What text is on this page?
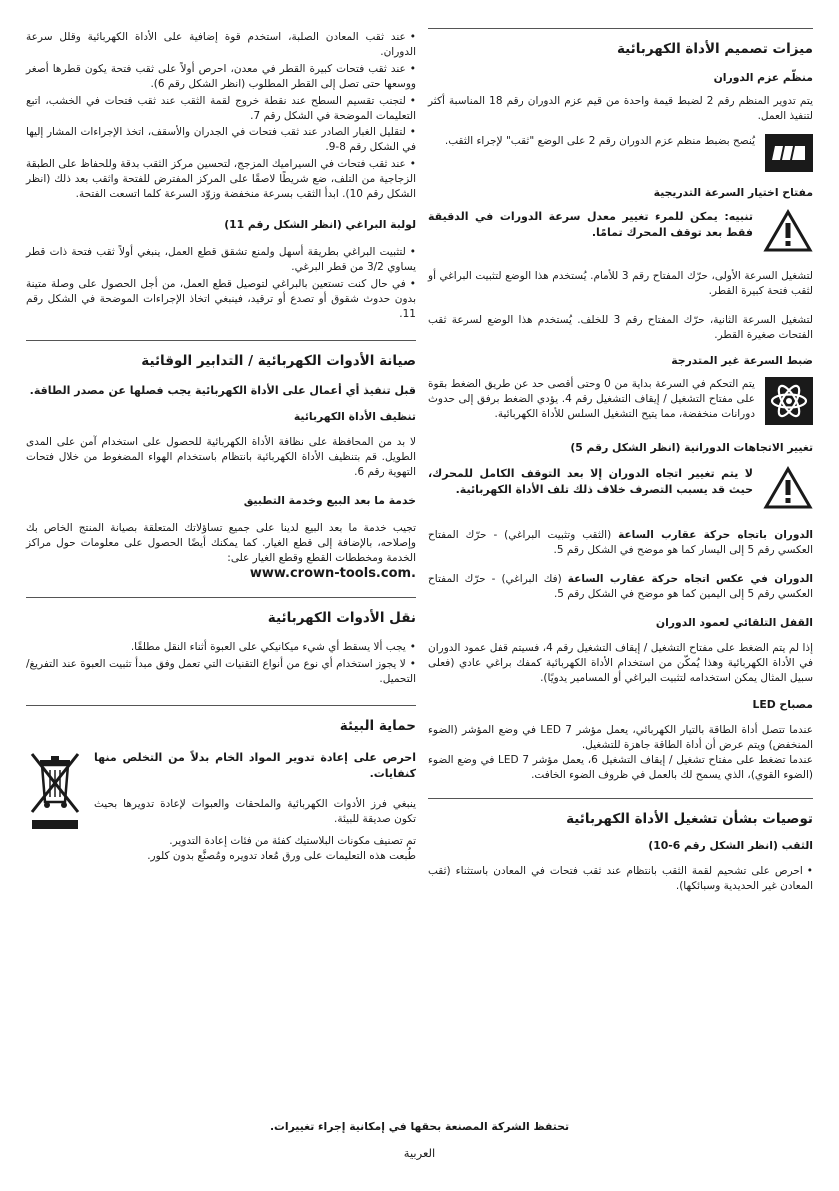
ميزات تصميم الأداة الكهربائية
منظّم عزم الدوران

يتم تدوير المنظم رقم 2 لضبط قيمة واحدة من قيم عزم الدوران رقم 18 المناسبة أكثر لتنفيذ العمل.

يُنصح بضبط منظم عزم الدوران رقم 2 على الوضع "ثقب" لإجراء الثقب.

مفتاح اختيار السرعة التدريجية

تنبيه: يمكن للمرء تغيير معدل سرعة الدورات في الدقيقة فقط بعد توقف المحرك تمامًا.

لتشغيل السرعة الأولى، حرّك المفتاح رقم 3 للأمام. يُستخدم هذا الوضع لتثبيت البراغي أو لثقب فتحة كبيرة القطر.

لتشغيل السرعة الثانية، حرّك المفتاح رقم 3 للخلف. يُستخدم هذا الوضع لسرعة ثقب الفتحات صغيرة القطر.

ضبط السرعة غير المتدرجة

يتم التحكم في السرعة بداية من 0 وحتى أقصى حد عن طريق الضغط بقوة على مفتاح التشغيل / إيقاف التشغيل رقم 4. يؤدي الضغط برفق إلى حدوث دورانات منخفضة، مما يتيح التشغيل السلس للأداة الكهربائية.

تغيير الاتجاهات الدورانية (انظر الشكل رقم 5)

لا يتم تغيير اتجاه الدوران إلا بعد التوقف الكامل للمحرك، حيث قد يسبب التصرف خلاف ذلك تلف الأداة الكهربائية.

الدوران باتجاه حركة عقارب الساعة (الثقب وتثبيت البراغي) - حرّك المفتاح العكسي رقم 5 إلى اليسار كما هو موضح في الشكل رقم 5.

الدوران في عكس اتجاه حركة عقارب الساعة (فك البراغي) - حرّك المفتاح العكسي رقم 5 إلى اليمين كما هو موضح في الشكل رقم 5.

القفل التلقائي لعمود الدوران

إذا لم يتم الضغط على مفتاح التشغيل / إيقاف التشغيل رقم 4، فسيتم قفل عمود الدوران في الأداة الكهربائية وهذا يُمكّن من استخدام الأداة الكهربائية كمفك براغي عادي (فعلى سبيل المثال يمكن استخدامه لتثبيت البراغي أو المسامير يدويًا).

مصباح LED

عندما تتصل أداة الطاقة بالتيار الكهربائي، يعمل مؤشر LED 7 في وضع المؤشر (الضوء المنخفض) ويتم عرض أن أداة الطاقة جاهزة للتشغيل.

عندما تضغط على مفتاح تشغيل / إيقاف التشغيل 6، يعمل مؤشر LED 7 في وضع الضوء (الضوء القوي)، الذي يسمح لك بالعمل في ظروف الضوء الخافت.

توصيات بشأن تشغيل الأداة الكهربائية
الثقب (انظر الشكل رقم 6-10)

•احرص على تشحيم لقمة الثقب بانتظام عند ثقب فتحات في المعادن باستثناء (ثقب المعادن غير الحديدية وسبائكها).

•عند ثقب المعادن الصلبة، استخدم قوة إضافية على الأداة الكهربائية وقلل سرعة الدوران.

•عند ثقب فتحات كبيرة القطر في معدن، احرص أولاً على ثقب فتحة يكون قطرها أصغر ووسعها حتى تصل إلى القطر المطلوب (انظر الشكل رقم 6).

•لتجنب تقسيم السطح عند نقطة خروج لقمة الثقب عند ثقب فتحات في الخشب، اتبع التعليمات الموضحة في الشكل رقم 7.

•لتقليل الغبار الصادر عند ثقب فتحات في الجدران والأسقف، اتخذ الإجراءات المشار إليها في الشكل رقم 8-9.

•عند ثقب فتحات في السيراميك المزجج، لتحسين مركز الثقب بدقة وللحفاظ على الطبقة الزجاجية من التلف، ضع شريطًا لاصقًا على المركز المفترض للفتحة واثقب بعد ذلك (انظر الشكل رقم 10). ابدأ الثقب بسرعة منخفضة وزوّد السرعة كلما اتسعت الفتحة.

لولبة البراغي (انظر الشكل رقم 11)

•لتثبيت البراغي بطريقة أسهل ولمنع تشقق قطع العمل، ينبغي أولاً ثقب فتحة ذات قطر يساوي 3/2 من قطر البرغي.

•في حال كنت تستعين بالبراغي لتوصيل قطع العمل، من أجل الحصول على وصلة متينة بدون حدوث شقوق أو تصدع أو ترقيد، فينبغي اتخاذ الإجراءات الموضحة في الشكل رقم 11.

صيانة الأدوات الكهربائية / التدابير الوقائية

قبل تنفيذ أي أعمال على الأداة الكهربائية يجب فصلها عن مصدر الطاقة.

تنظيف الأداة الكهربائية

لا بد من المحافظة على نظافة الأداة الكهربائية للحصول على استخدام آمن على المدى الطويل. قم بتنظيف الأداة الكهربائية بانتظام باستخدام الهواء المضغوط من خلال فتحات التهوية رقم 6.

خدمة ما بعد البيع وخدمة التطبيق

تجيب خدمة ما بعد البيع لدينا على جميع تساؤلاتك المتعلقة بصيانة المنتج الخاص بك وإصلاحه، بالإضافة إلى قطع الغيار. كما يمكنك أيضًا الحصول على معلومات حول مراكز الخدمة ومخططات القطع وقطع الغيار على:

www.crown-tools.com.
نقل الأدوات الكهربائية

•يجب ألا يسقط أي شيء ميكانيكي على العبوة أثناء النقل مطلقًا.

•لا يجوز استخدام أي نوع من أنواع التقنيات التي تعمل وفق مبدأ تثبيت العبوة عند التفريغ/التحميل.

حماية البيئة

احرص على إعادة تدوير المواد الخام بدلاً من التخلص منها كنفايات.

ينبغي فرز الأدوات الكهربائية والملحقات والعبوات لإعادة تدويرها بحيث تكون صديقة للبيئة.

تم تصنيف مكونات البلاستيك كفئة من فئات إعادة التدوير.

طُبعت هذه التعليمات على ورق مُعاد تدويره ومُصنَّع بدون كلور.

تحتفظ الشركة المصنعة بحقها في إمكانية إجراء تغييرات.
العربية
